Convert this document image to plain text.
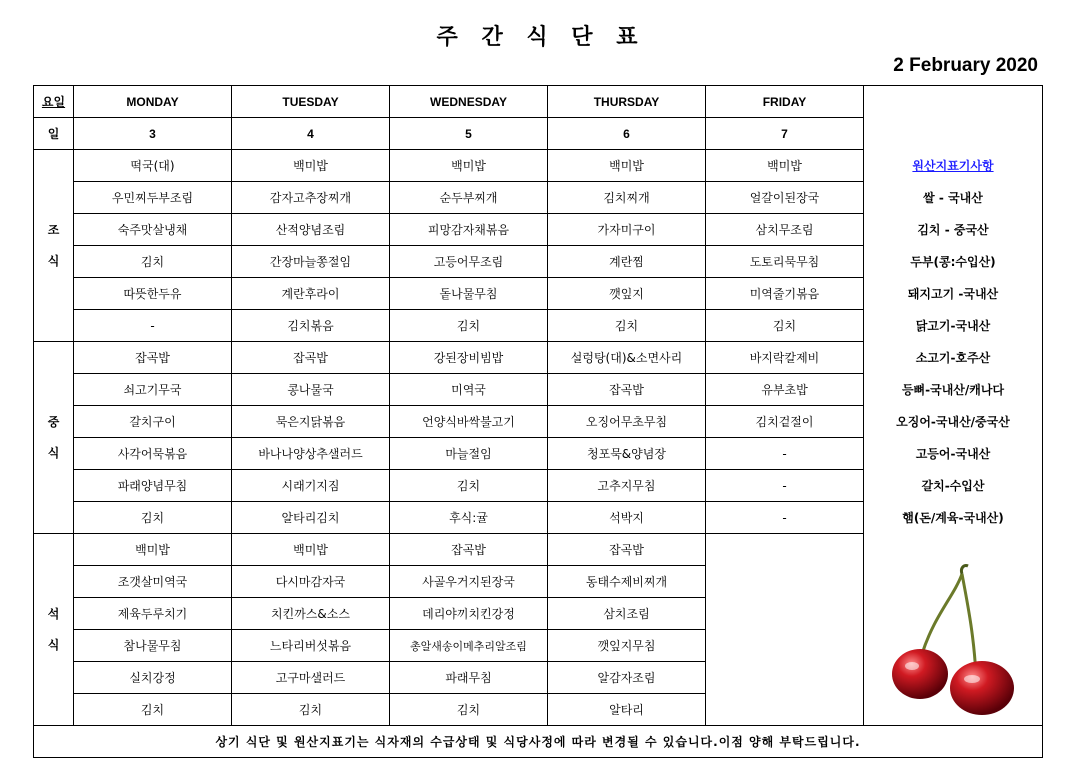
주 간 식 단 표
2 February 2020
요일	MONDAY	TUESDAY	WEDNESDAY	THURSDAY	FRIDAY	
일	3	4	5	6	7	

조
식	떡국(대)	백미밥	백미밥	백미밥	백미밥	원산지표기사항
	우민찌두부조림	감자고추장찌개	순두부찌개	김치찌개	얼갈이된장국	쌀 - 국내산
	숙주맛살냉채	산적양념조림	피망감자채볶음	가자미구이	삼치무조림	김치 - 중국산
	김치	간장마늘쫑절임	고등어무조림	계란찜	도토리묵무침	두부(콩:수입산)
	따뜻한두유	계란후라이	돝나물무침	깻잎지	미역줄기볶음	돼지고기 -국내산
	-	김치볶음	김치	김치	김치	닭고기-국내산

중
식	잡곡밥	잡곡밥	강된장비빔밥	설렁탕(대)&소면사리	바지락칼제비	소고기-호주산
	쇠고기무국	콩나물국	미역국	잡곡밥	유부초밥	등뼈-국내산/캐나다
	갈치구이	묵은지닭볶음	언양식바싹불고기	오징어무초무침	김치겉절이	오징어-국내산/중국산
	사각어묵볶음	바나나양상추샐러드	마늘절임	청포묵&양념장	-	고등어-국내산
	파래양념무침	시래기지짐	김치	고추지무침	-	갈치-수입산
	김치	알타리김치	후식:귤	석박지	-	햄(돈/계육-국내산)

석
식	백미밥	백미밥	잡곡밥	잡곡밥		

	조갯살미역국	다시마감자국	사골우거지된장국	동태수제비찌개		
	제육두루치기	치킨까스&소스	데리야끼치킨강정	삼치조림		
	참나물무침	느타리버섯볶음	총알새송이메추리알조림	깻잎지무침		
	실치강정	고구마샐러드	파래무침	알감자조림		
	김치	김치	김치	알타리		
상기 식단 및 원산지표기는 식자재의 수급상태 및 식당사정에 따라 변경될 수 있습니다.이점 양해 부탁드립니다.						
